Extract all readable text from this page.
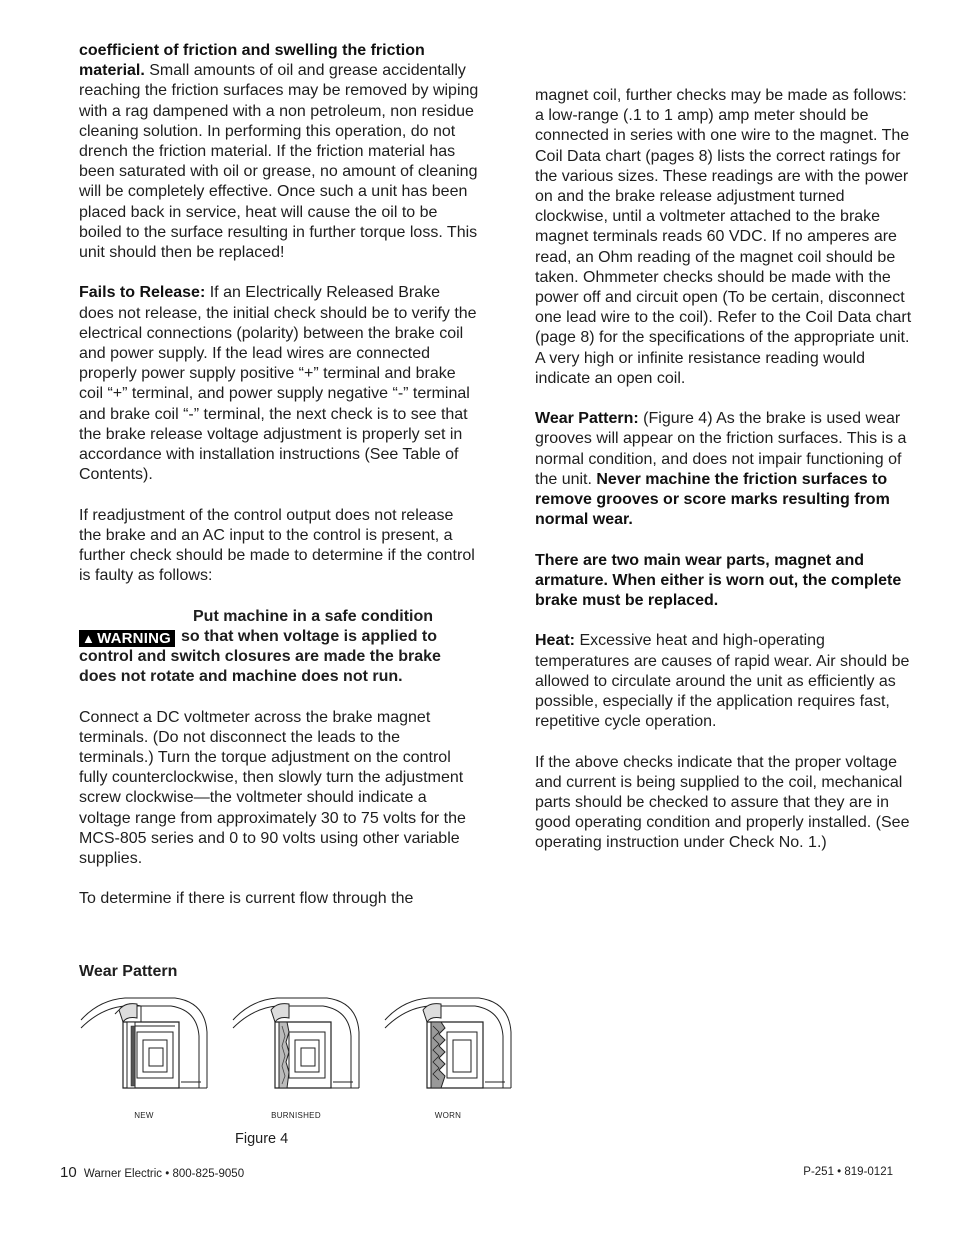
coefficient of friction and swelling the friction material. Small amounts of oil and grease accidentally reaching the friction surfaces may be removed by wiping with a rag dampened with a non petroleum, non residue cleaning solution. In performing this operation, do not drench the friction material. If the friction material has been saturated with oil or grease, no amount of cleaning will be completely effective. Once such a unit has been placed back in service, heat will cause the oil to be boiled to the surface resulting in further torque loss. This unit should then be replaced!

Fails to Release: If an Electrically Released Brake does not release, the initial check should be to verify the electrical connections (polarity) between the brake coil and power supply. If the lead wires are connected properly power supply positive “+” terminal and brake coil “+” terminal, and power supply negative “-” terminal and brake coil “-” terminal, the next check is to see that the brake release voltage adjustment is properly set in accordance with installation instructions (See Table of Contents).

If readjustment of the control output does not release the brake and an AC input to the control is present, a further check should be made to determine if the control is faulty as follows:

Put machine in a safe condition
▲ WARNING so that when voltage is applied to control and switch closures are made the brake does not rotate and machine does not run.

Connect a DC voltmeter across the brake magnet terminals. (Do not disconnect the leads to the terminals.) Turn the torque adjustment on the control fully counterclockwise, then slowly turn the adjustment screw clockwise—the voltmeter should indicate a voltage range from approximately 30 to 75 volts for the MCS-805 series and 0 to 90 volts using other variable supplies.

To determine if there is current flow through the

magnet coil, further checks may be made as follows: a low-range (.1 to 1 amp) amp meter should be connected in series with one wire to the magnet. The Coil Data chart (pages 8) lists the correct ratings for the various sizes. These readings are with the power on and the brake release adjustment turned clockwise, until a voltmeter attached to the brake magnet terminals reads 60 VDC. If no amperes are read, an Ohm reading of the magnet coil should be taken. Ohmmeter checks should be made with the power off and circuit open (To be certain, disconnect one lead wire to the coil). Refer to the Coil Data chart (page 8) for the specifications of the appropriate unit. A very high or infinite resistance reading would indicate an open coil.

Wear Pattern: (Figure 4) As the brake is used wear grooves will appear on the friction surfaces. This is a normal condition, and does not impair functioning of the unit. Never machine the friction surfaces to remove grooves or score marks resulting from normal wear.

There are two main wear parts, magnet and armature. When either is worn out, the complete brake must be replaced.

Heat: Excessive heat and high-operating temperatures are causes of rapid wear. Air should be allowed to circulate around the unit as efficiently as possible, especially if the application requires fast, repetitive cycle operation.

If the above checks indicate that the proper voltage and current is being supplied to the coil, mechanical parts should be checked to assure that they are in good operating condition and properly installed. (See operating instruction under Check No. 1.)

Wear Pattern
NEW	BURNISHED	WORN
Figure 4
10 Warner Electric • 800-825-9050	P-251 • 819-0121
